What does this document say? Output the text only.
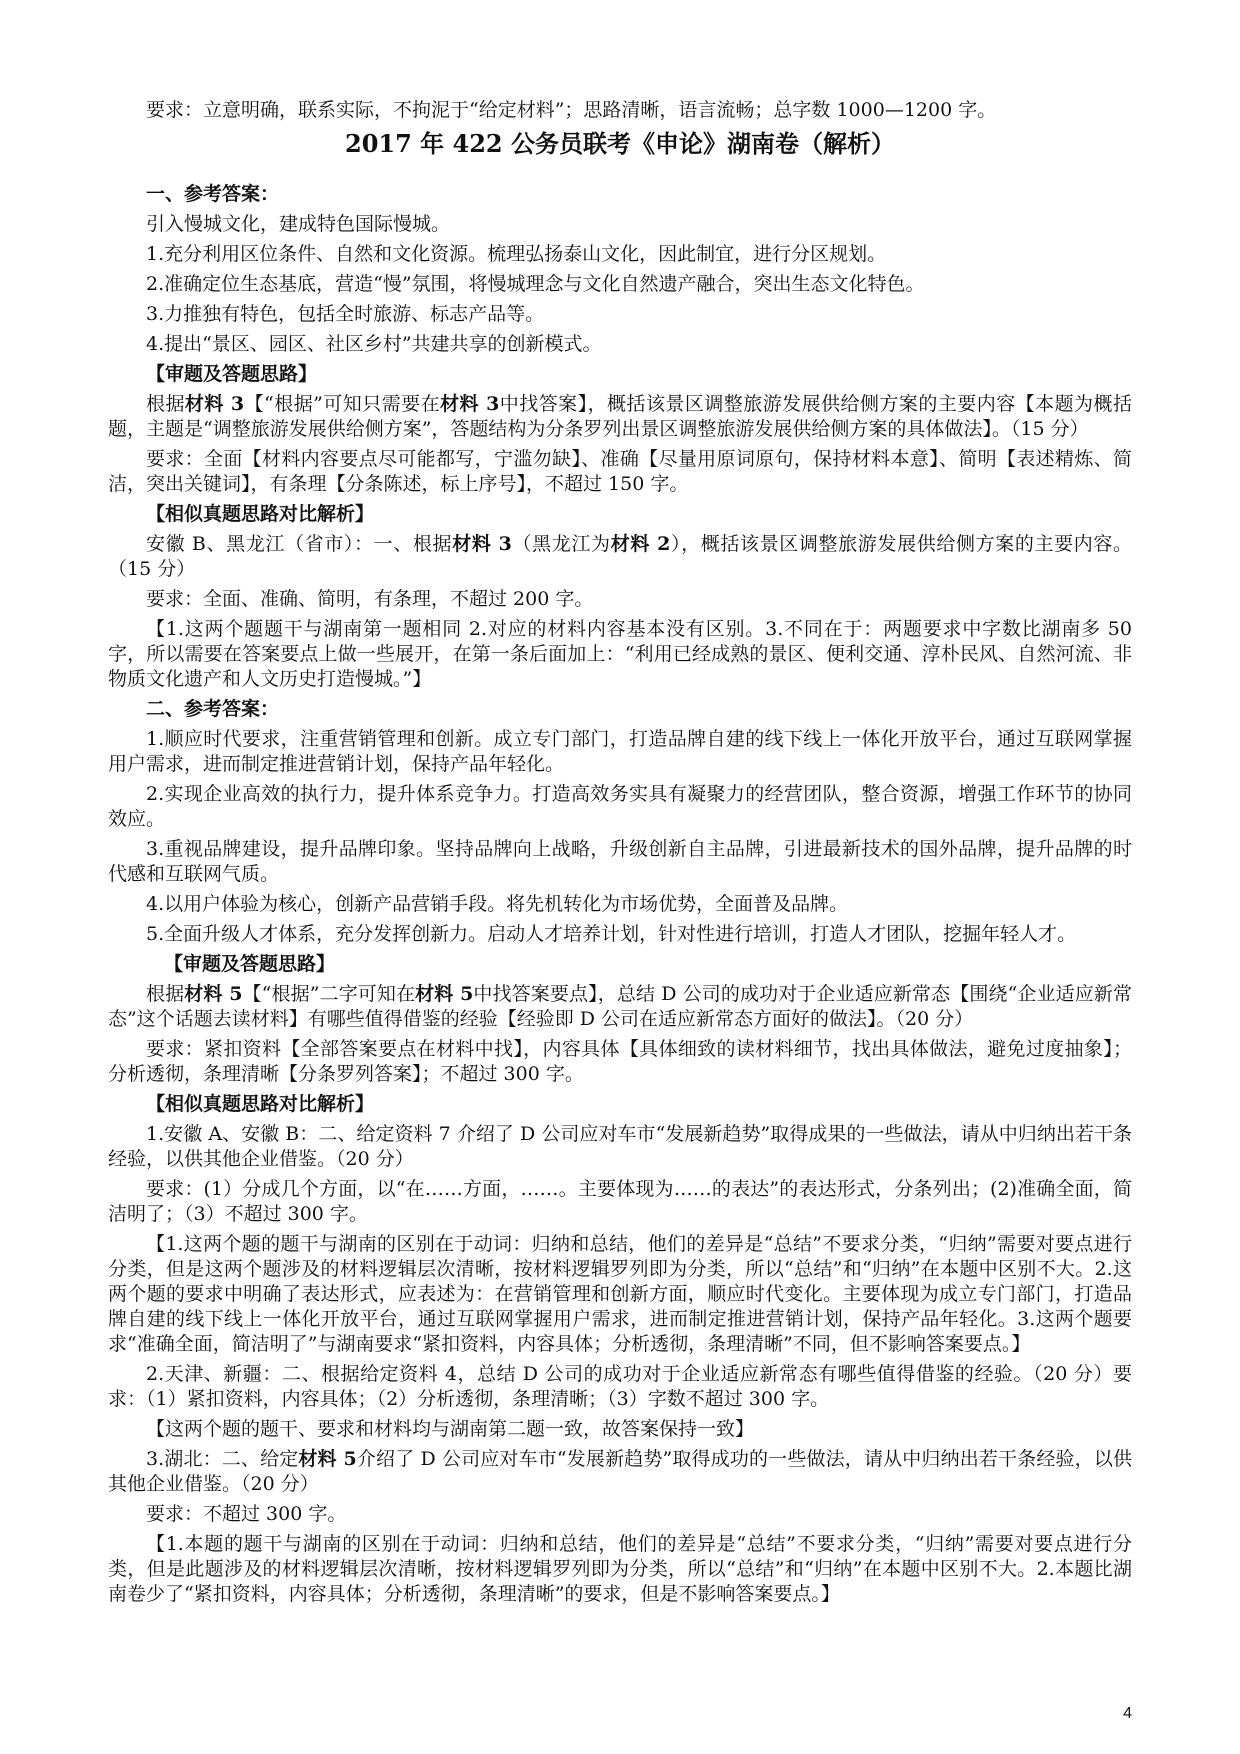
要求：立意明确，联系实际，不拘泥于“给定材料”；思路清晰，语言流畅；总字数 1000—1200 字。

2017 年 422 公务员联考《申论》湖南卷（解析）

一、参考答案：

引入慢城文化，建成特色国际慢城。

1.充分利用区位条件、自然和文化资源。梳理弘扬泰山文化，因此制宜，进行分区规划。

2.准确定位生态基底，营造“慢”氛围，将慢城理念与文化自然遗产融合，突出生态文化特色。

3.力推独有特色，包括全时旅游、标志产品等。

4.提出“景区、园区、社区乡村”共建共享的创新模式。

【审题及答题思路】

根据材料 3【“根据”可知只需要在材料 3中找答案】，概括该景区调整旅游发展供给侧方案的主要内容【本题为概括题，主题是“调整旅游发展供给侧方案”，答题结构为分条罗列出景区调整旅游发展供给侧方案的具体做法】。（15 分）

要求：全面【材料内容要点尽可能都写，宁滥勿缺】、准确【尽量用原词原句，保持材料本意】、简明【表述精炼、简洁，突出关键词】，有条理【分条陈述，标上序号】，不超过 150 字。

【相似真题思路对比解析】

安徽 B、黑龙江（省市）：一、根据材料 3（黑龙江为材料 2），概括该景区调整旅游发展供给侧方案的主要内容。（15 分）

要求：全面、准确、简明，有条理，不超过 200 字。

【1.这两个题题干与湖南第一题相同 2.对应的材料内容基本没有区别。3.不同在于：两题要求中字数比湖南多 50 字，所以需要在答案要点上做一些展开，在第一条后面加上：“利用已经成熟的景区、便利交通、淳朴民风、自然河流、非物质文化遗产和人文历史打造慢城。”】

二、参考答案：

1.顺应时代要求，注重营销管理和创新。成立专门部门，打造品牌自建的线下线上一体化开放平台，通过互联网掌握用户需求，进而制定推进营销计划，保持产品年轻化。

2.实现企业高效的执行力，提升体系竞争力。打造高效务实具有凝聚力的经营团队，整合资源，增强工作环节的协同效应。

3.重视品牌建设，提升品牌印象。坚持品牌向上战略，升级创新自主品牌，引进最新技术的国外品牌，提升品牌的时代感和互联网气质。

4.以用户体验为核心，创新产品营销手段。将先机转化为市场优势，全面普及品牌。

5.全面升级人才体系，充分发挥创新力。启动人才培养计划，针对性进行培训，打造人才团队，挖掘年轻人才。

【审题及答题思路】

根据材料 5【“根据”二字可知在材料 5中找答案要点】，总结 D 公司的成功对于企业适应新常态【围绕“企业适应新常态”这个话题去读材料】有哪些值得借鉴的经验【经验即 D 公司在适应新常态方面好的做法】。（20 分）

要求：紧扣资料【全部答案要点在材料中找】，内容具体【具体细致的读材料细节，找出具体做法，避免过度抽象】；分析透彻，条理清晰【分条罗列答案】；不超过 300 字。

【相似真题思路对比解析】

1.安徽 A、安徽 B：二、给定资料 7 介绍了 D 公司应对车市“发展新趋势”取得成果的一些做法，请从中归纳出若干条经验，以供其他企业借鉴。（20 分）

要求：(1）分成几个方面，以“在……方面，……。主要体现为……的表达”的表达形式，分条列出；(2)准确全面，简洁明了；（3）不超过 300 字。

【1.这两个题的题干与湖南的区别在于动词：归纳和总结，他们的差异是“总结”不要求分类，“归纳”需要对要点进行分类，但是这两个题涉及的材料逻辑层次清晰，按材料逻辑罗列即为分类，所以“总结”和“归纳”在本题中区别不大。2.这两个题的要求中明确了表达形式，应表述为：在营销管理和创新方面，顺应时代变化。主要体现为成立专门部门，打造品牌自建的线下线上一体化开放平台，通过互联网掌握用户需求，进而制定推进营销计划，保持产品年轻化。3.这两个题要求“准确全面，简洁明了”与湖南要求“紧扣资料，内容具体；分析透彻，条理清晰”不同，但不影响答案要点。】

2.天津、新疆：二、根据给定资料 4，总结 D 公司的成功对于企业适应新常态有哪些值得借鉴的经验。（20 分）要求：（1）紧扣资料，内容具体；（2）分析透彻，条理清晰；（3）字数不超过 300 字。

【这两个题的题干、要求和材料均与湖南第二题一致，故答案保持一致】

3.湖北：二、给定材料 5介绍了 D 公司应对车市“发展新趋势”取得成功的一些做法，请从中归纳出若干条经验，以供其他企业借鉴。（20 分）

要求：不超过 300 字。

【1.本题的题干与湖南的区别在于动词：归纳和总结，他们的差异是“总结”不要求分类，“归纳”需要对要点进行分类，但是此题涉及的材料逻辑层次清晰，按材料逻辑罗列即为分类，所以“总结”和“归纳”在本题中区别不大。2.本题比湖南卷少了“紧扣资料，内容具体；分析透彻，条理清晰”的要求，但是不影响答案要点。】

4
